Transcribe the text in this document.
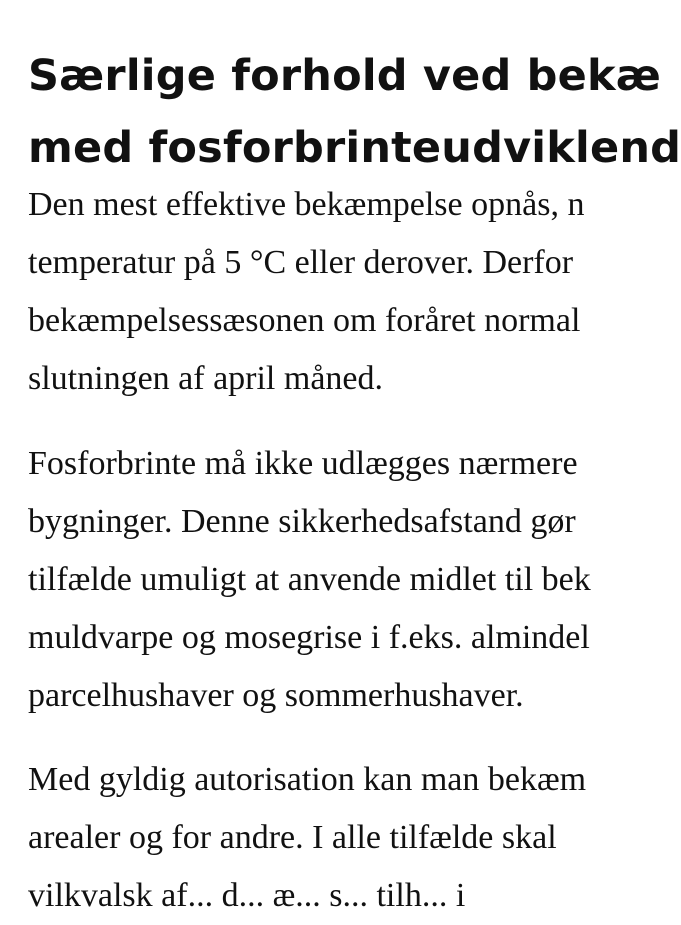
Særlige forhold ved bekæ
med fosforbrinteudviklend

Den mest effektive bekæmpelse opnås, n
temperatur på 5 °C eller derover. Derfor
bekæmpelsessæsonen om foråret normal
slutningen af april måned.

Fosforbrinte må ikke udlægges nærmere
bygninger. Denne sikkerhedsafstand gør
tilfælde umuligt at anvende midlet til bek
muldvarpe og mosegrise i f.eks. almindel
parcelhushaver og sommerhushaver.

Med gyldig autorisation kan man bekæm
arealer og for andre. I alle tilfælde skal
vilkvalsk af... d... æ... s... tilh... i
